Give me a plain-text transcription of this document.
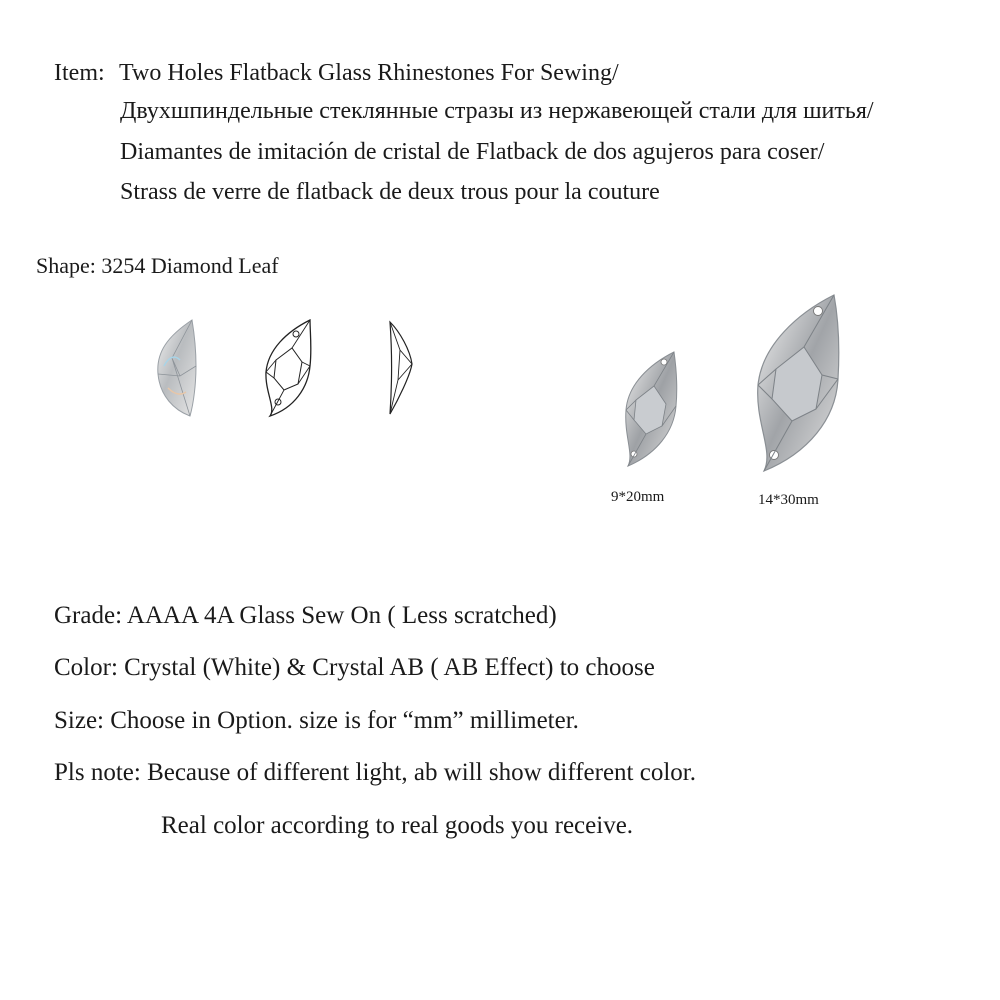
Item: Two Holes Flatback Glass Rhinestones For Sewing/
Двухшпиндельные стеклянные стразы из нержавеющей стали для шитья/
Diamantes de imitación de cristal de Flatback de dos agujeros para coser/
Strass de verre de flatback de deux trous pour la couture
Shape: 3254 Diamond Leaf
9*20mm	14*30mm
Grade: AAAA 4A Glass Sew On ( Less scratched)
Color: Crystal (White) & Crystal AB ( AB Effect) to choose
Size: Choose in Option. size is for “mm” millimeter.
Pls note: Because of different light, ab will show different color.
Real color according to real goods you receive.
